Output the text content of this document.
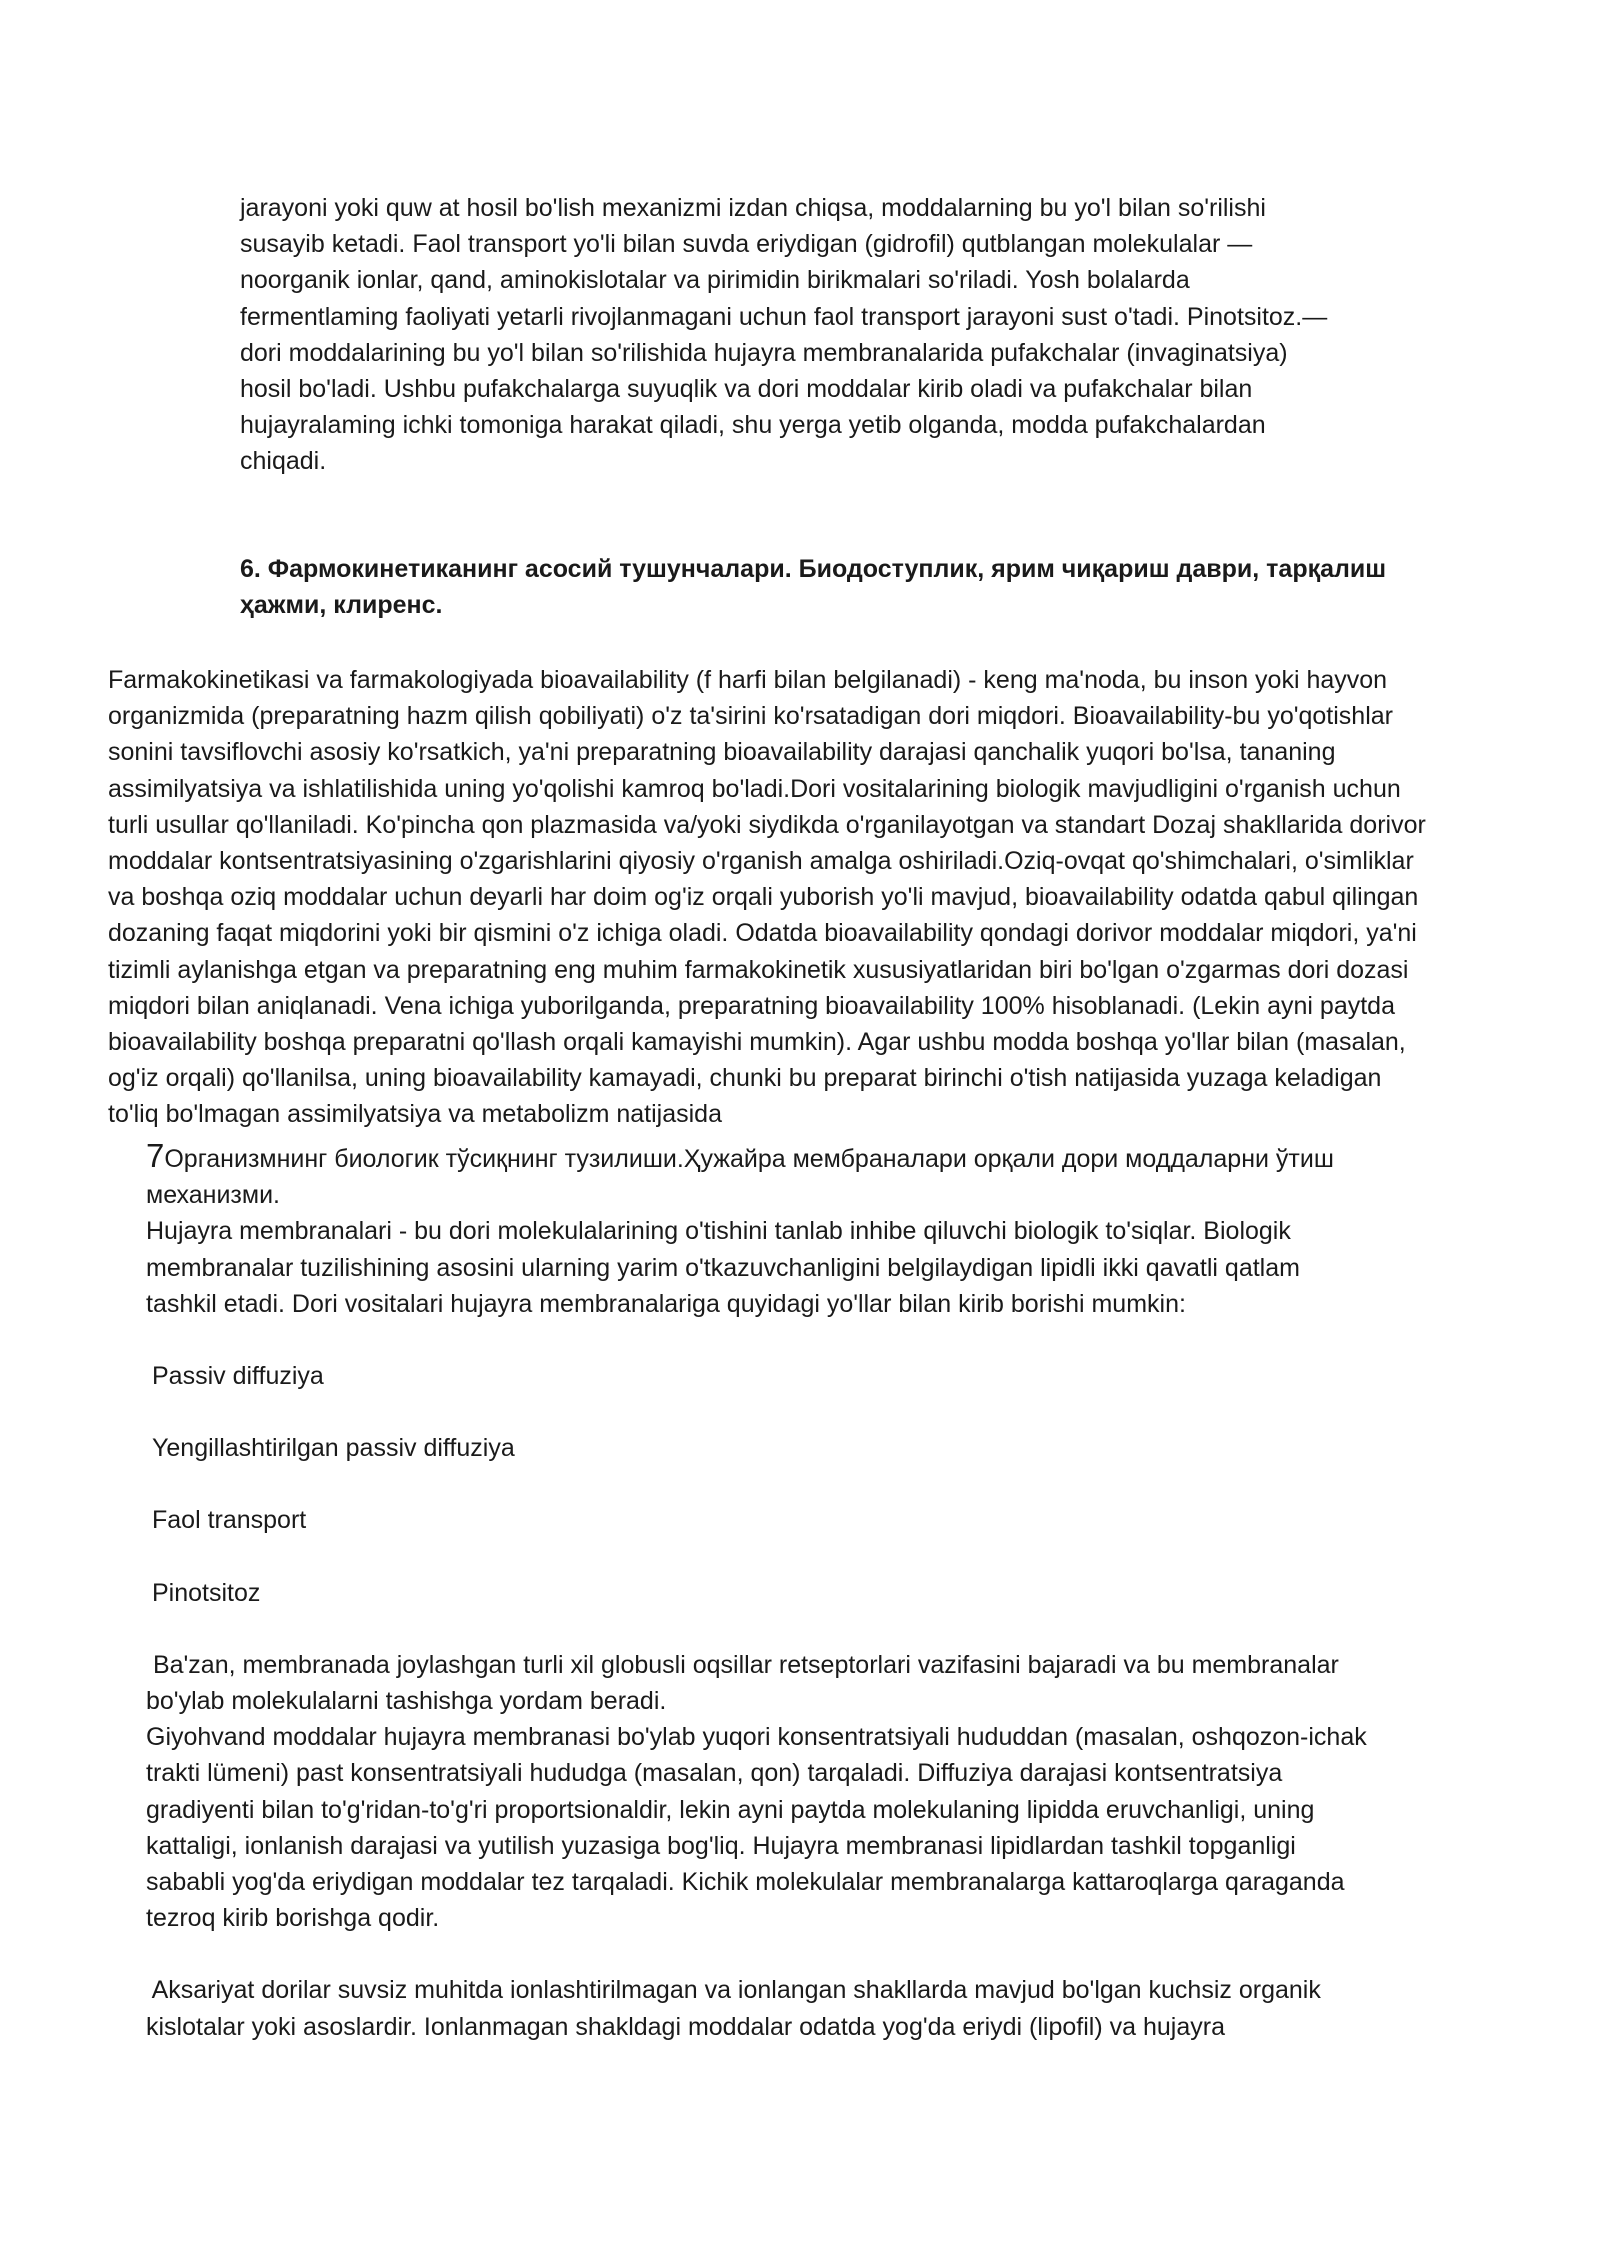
jarayoni yoki quw at hosil bo'lish mexanizmi izdan chiqsa, moddalarning bu yo'l bilan so'rilishi

susayib ketadi. Faol transport yo'li bilan suvda eriydigan (gidrofil) qutblangan molekulalar —

noorganik ionlar, qand, aminokislotalar va pirimidin birikmalari so'riladi. Yosh bolalarda

fermentlaming faoliyati yetarli rivojlanmagani uchun faol transport jarayoni sust o'tadi. Pinotsitoz.—

dori moddalarining bu yo'l bilan so'rilishida hujayra membranalarida pufakchalar (invaginatsiya)

hosil bo'ladi. Ushbu pufakchalarga suyuqlik va dori moddalar kirib oladi va pufakchalar bilan

hujayralaming ichki tomoniga harakat qiladi, shu yerga yetib olganda, modda pufakchalardan

chiqadi.

6. Фармокинетиканинг асосий тушунчалари. Биодоступлик, ярим чиқариш даври, тарқалиш

ҳажми, клиренс.

Farmakokinetikasi va farmakologiyada bioavailability (f harfi bilan belgilanadi) - keng ma'noda, bu inson yoki hayvon

organizmida (preparatning hazm qilish qobiliyati) o'z ta'sirini ko'rsatadigan dori miqdori. Bioavailability-bu yo'qotishlar

sonini tavsiflovchi asosiy ko'rsatkich, ya'ni preparatning bioavailability darajasi qanchalik yuqori bo'lsa, tananing

assimilyatsiya va ishlatilishida uning yo'qolishi kamroq bo'ladi.Dori vositalarining biologik mavjudligini o'rganish uchun

turli usullar qo'llaniladi. Ko'pincha qon plazmasida va/yoki siydikda o'rganilayotgan va standart Dozaj shakllarida dorivor

moddalar kontsentratsiyasining o'zgarishlarini qiyosiy o'rganish amalga oshiriladi.Oziq-ovqat qo'shimchalari, o'simliklar

va boshqa oziq moddalar uchun deyarli har doim og'iz orqali yuborish yo'li mavjud, bioavailability odatda qabul qilingan

dozaning faqat miqdorini yoki bir qismini o'z ichiga oladi. Odatda bioavailability qondagi dorivor moddalar miqdori, ya'ni

tizimli aylanishga etgan va preparatning eng muhim farmakokinetik xususiyatlaridan biri bo'lgan o'zgarmas dori dozasi

miqdori bilan aniqlanadi. Vena ichiga yuborilganda, preparatning bioavailability 100% hisoblanadi. (Lekin ayni paytda

bioavailability boshqa preparatni qo'llash orqali kamayishi mumkin). Agar ushbu modda boshqa yo'llar bilan (masalan,

og'iz orqali) qo'llanilsa, uning bioavailability kamayadi, chunki bu preparat birinchi o'tish natijasida yuzaga keladigan

to'liq bo'lmagan assimilyatsiya va metabolizm natijasida

7Организмнинг биологик тўсиқнинг тузилиши.Ҳужайра мембраналари орқали дори моддаларни ўтиш

механизми.

Hujayra membranalari - bu dori molekulalarining o'tishini tanlab inhibe qiluvchi biologik to'siqlar. Biologik

membranalar tuzilishining asosini ularning yarim o'tkazuvchanligini belgilaydigan lipidli ikki qavatli qatlam

tashkil etadi. Dori vositalari hujayra membranalariga quyidagi yo'llar bilan kirib borishi mumkin:

Passiv diffuziya
Yengillashtirilgan passiv diffuziya
Faol transport
Pinotsitoz

Ba'zan, membranada joylashgan turli xil globusli oqsillar retseptorlari vazifasini bajaradi va bu membranalar

bo'ylab molekulalarni tashishga yordam beradi.

Giyohvand moddalar hujayra membranasi bo'ylab yuqori konsentratsiyali hududdan (masalan, oshqozon-ichak

trakti lümeni) past konsentratsiyali hududga (masalan, qon) tarqaladi. Diffuziya darajasi kontsentratsiya

gradiyenti bilan to'g'ridan-to'g'ri proportsionaldir, lekin ayni paytda molekulaning lipidda eruvchanligi, uning

kattaligi, ionlanish darajasi va yutilish yuzasiga bog'liq. Hujayra membranasi lipidlardan tashkil topganligi

sababli yog'da eriydigan moddalar tez tarqaladi. Kichik molekulalar membranalarga kattaroqlarga qaraganda

tezroq kirib borishga qodir.

Aksariyat dorilar suvsiz muhitda ionlashtirilmagan va ionlangan shakllarda mavjud bo'lgan kuchsiz organik

kislotalar yoki asoslardir. Ionlanmagan shakldagi moddalar odatda yog'da eriydi (lipofil) va hujayra
